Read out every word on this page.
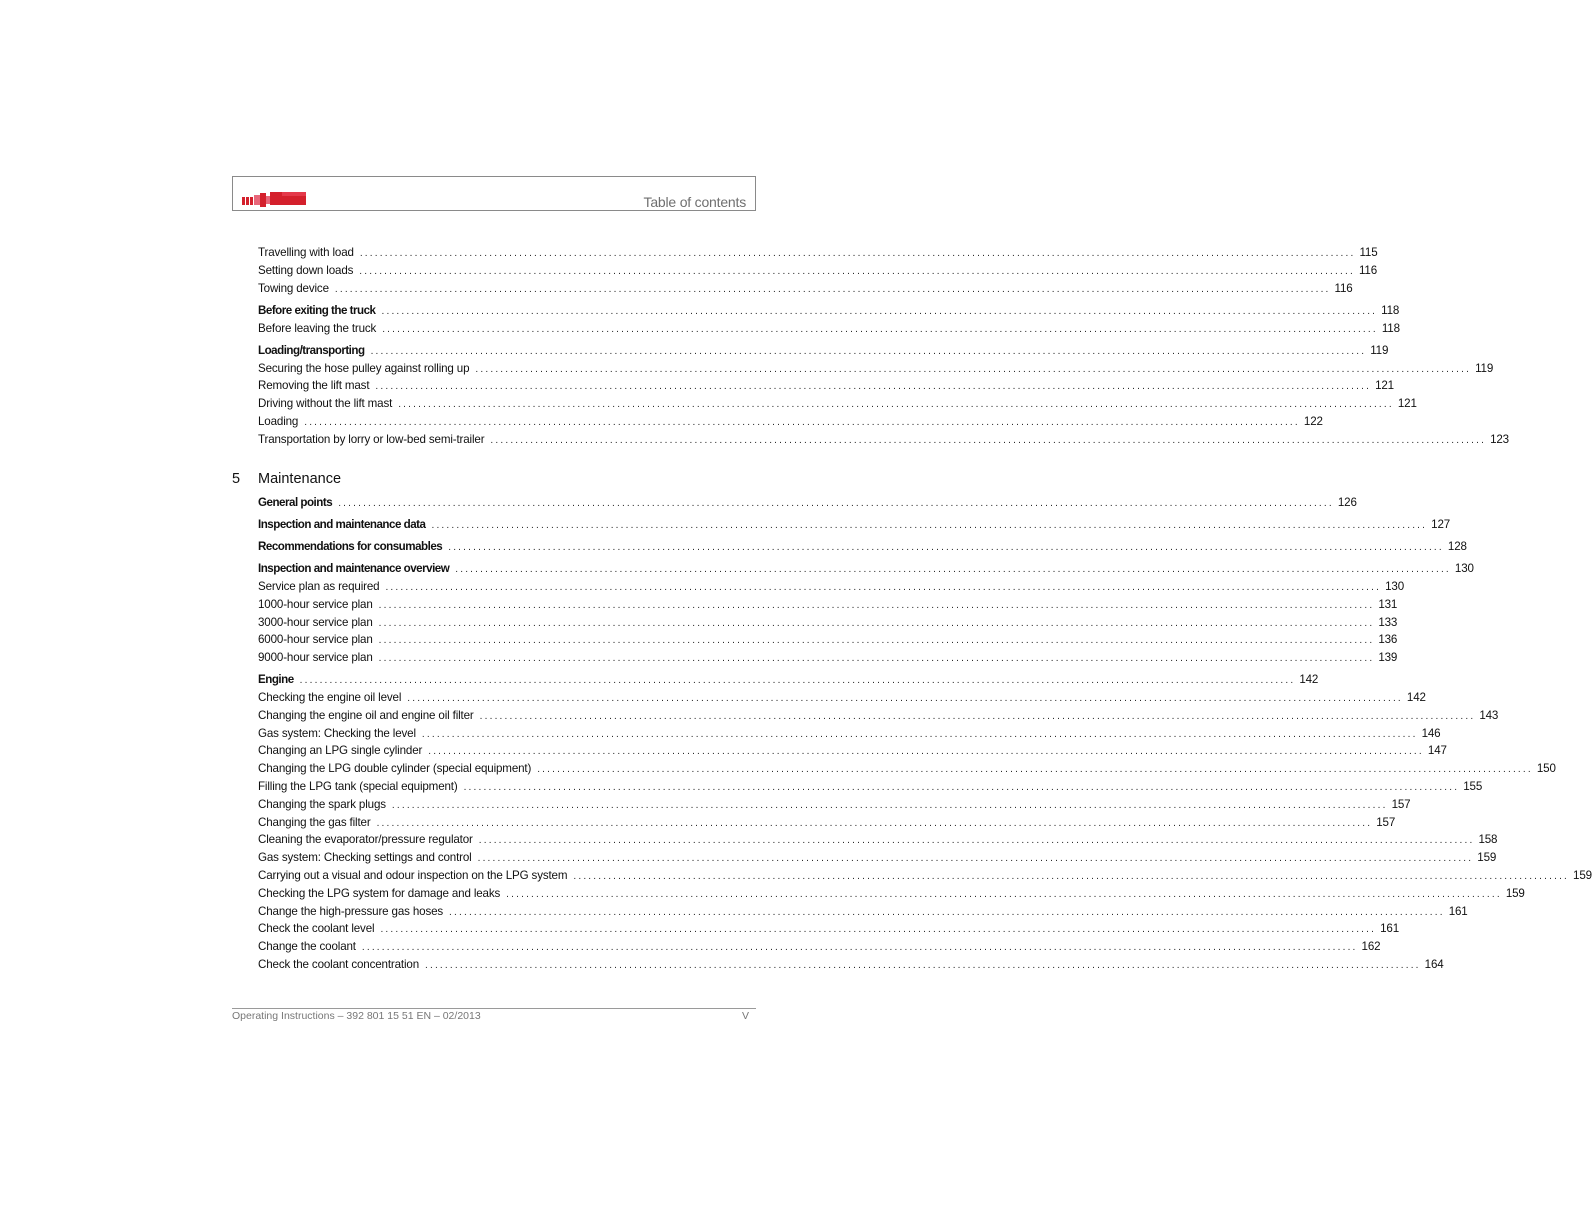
Table of contents
Travelling with load ........................................................................................................................................................................................................ 115
Setting down loads ........................................................................................................................................................................................................ 116
Towing device ........................................................................................................................................................................................................ 116
Before exiting the truck ........................................................................................................................................................................................................ 118
Before leaving the truck ........................................................................................................................................................................................................ 118
Loading/transporting ........................................................................................................................................................................................................ 119
Securing the hose pulley against rolling up ........................................................................................................................................................................................................ 119
Removing the lift mast ........................................................................................................................................................................................................ 121
Driving without the lift mast ........................................................................................................................................................................................................ 121
Loading ........................................................................................................................................................................................................ 122
Transportation by lorry or low-bed semi-trailer ........................................................................................................................................................................................................ 123
5 Maintenance
General points ........................................................................................................................................................................................................ 126
Inspection and maintenance data ........................................................................................................................................................................................................ 127
Recommendations for consumables ........................................................................................................................................................................................................ 128
Inspection and maintenance overview ........................................................................................................................................................................................................ 130
Service plan as required ........................................................................................................................................................................................................ 130
1000-hour service plan ........................................................................................................................................................................................................ 131
3000-hour service plan ........................................................................................................................................................................................................ 133
6000-hour service plan ........................................................................................................................................................................................................ 136
9000-hour service plan ........................................................................................................................................................................................................ 139
Engine ........................................................................................................................................................................................................ 142
Checking the engine oil level ........................................................................................................................................................................................................ 142
Changing the engine oil and engine oil filter ........................................................................................................................................................................................................ 143
Gas system: Checking the level ........................................................................................................................................................................................................ 146
Changing an LPG single cylinder ........................................................................................................................................................................................................ 147
Changing the LPG double cylinder (special equipment) ........................................................................................................................................................................................................ 150
Filling the LPG tank (special equipment) ........................................................................................................................................................................................................ 155
Changing the spark plugs ........................................................................................................................................................................................................ 157
Changing the gas filter ........................................................................................................................................................................................................ 157
Cleaning the evaporator/pressure regulator ........................................................................................................................................................................................................ 158
Gas system: Checking settings and control ........................................................................................................................................................................................................ 159
Carrying out a visual and odour inspection on the LPG system ........................................................................................................................................................................................................ 159
Checking the LPG system for damage and leaks ........................................................................................................................................................................................................ 159
Change the high-pressure gas hoses ........................................................................................................................................................................................................ 161
Check the coolant level ........................................................................................................................................................................................................ 161
Change the coolant ........................................................................................................................................................................................................ 162
Check the coolant concentration ........................................................................................................................................................................................................ 164
Operating Instructions – 392 801 15 51 EN – 02/2013	V
